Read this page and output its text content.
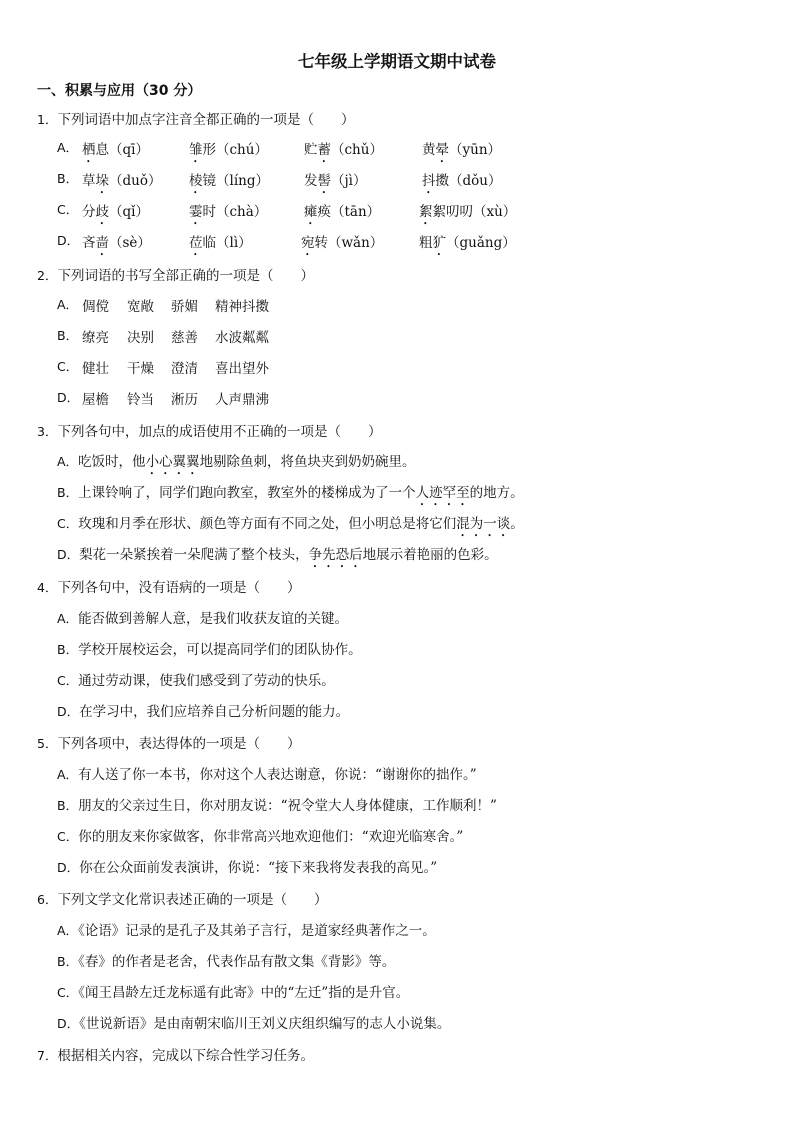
七年级上学期语文期中试卷
一、积累与应用（30 分）
1．下列词语中加点字注音全都正确的一项是（　　）
A． 栖息（qī）	雏形（chú）	贮蓄（chǔ）	黄晕（yūn）
B． 草垛（duǒ） 棱镜（líng）	发髻（jì）	抖擞（dǒu）
C． 分歧（qǐ）	霎时（chà）	瘫痪（tān）	絮絮叨叨（xù）
D． 吝啬（sè）	莅临（lì）	宛转（wǎn）	粗犷（guǎng）
2．下列词语的书写全部正确的一项是（　　）
A． 倜傥 宽敞 骄媚 精神抖擞
B． 缭亮 决别 慈善 水波粼粼
C． 健壮 干燥 澄清 喜出望外
D． 屋檐 铃当 淅历 人声鼎沸
3．下列各句中，加点的成语使用不正确的一项是（　　）
A．吃饭时，他小心翼翼地剔除鱼刺，将鱼块夹到奶奶碗里。
B．上课铃响了，同学们跑向教室，教室外的楼梯成为了一个人迹罕至的地方。
C．玫瑰和月季在形状、颜色等方面有不同之处，但小明总是将它们混为一谈。
D．梨花一朵紧挨着一朵爬满了整个枝头，争先恐后地展示着艳丽的色彩。
4．下列各句中，没有语病的一项是（　　）
A．能否做到善解人意，是我们收获友谊的关键。
B．学校开展校运会，可以提高同学们的团队协作。
C．通过劳动课，使我们感受到了劳动的快乐。
D．在学习中，我们应培养自己分析问题的能力。
5．下列各项中，表达得体的一项是（　　）
A．有人送了你一本书，你对这个人表达谢意，你说：“谢谢你的拙作。”
B．朋友的父亲过生日，你对朋友说：“祝令堂大人身体健康，工作顺利！”
C．你的朋友来你家做客，你非常高兴地欢迎他们：“欢迎光临寒舍。”
D．你在公众面前发表演讲，你说：“接下来我将发表我的高见。”
6．下列文学文化常识表述正确的一项是（　　）
A．《论语》记录的是孔子及其弟子言行，是道家经典著作之一。
B．《春》的作者是老舍，代表作品有散文集《背影》等。
C．《闻王昌龄左迁龙标遥有此寄》中的“左迁”指的是升官。
D．《世说新语》是由南朝宋临川王刘义庆组织编写的志人小说集。
7．根据相关内容，完成以下综合性学习任务。
